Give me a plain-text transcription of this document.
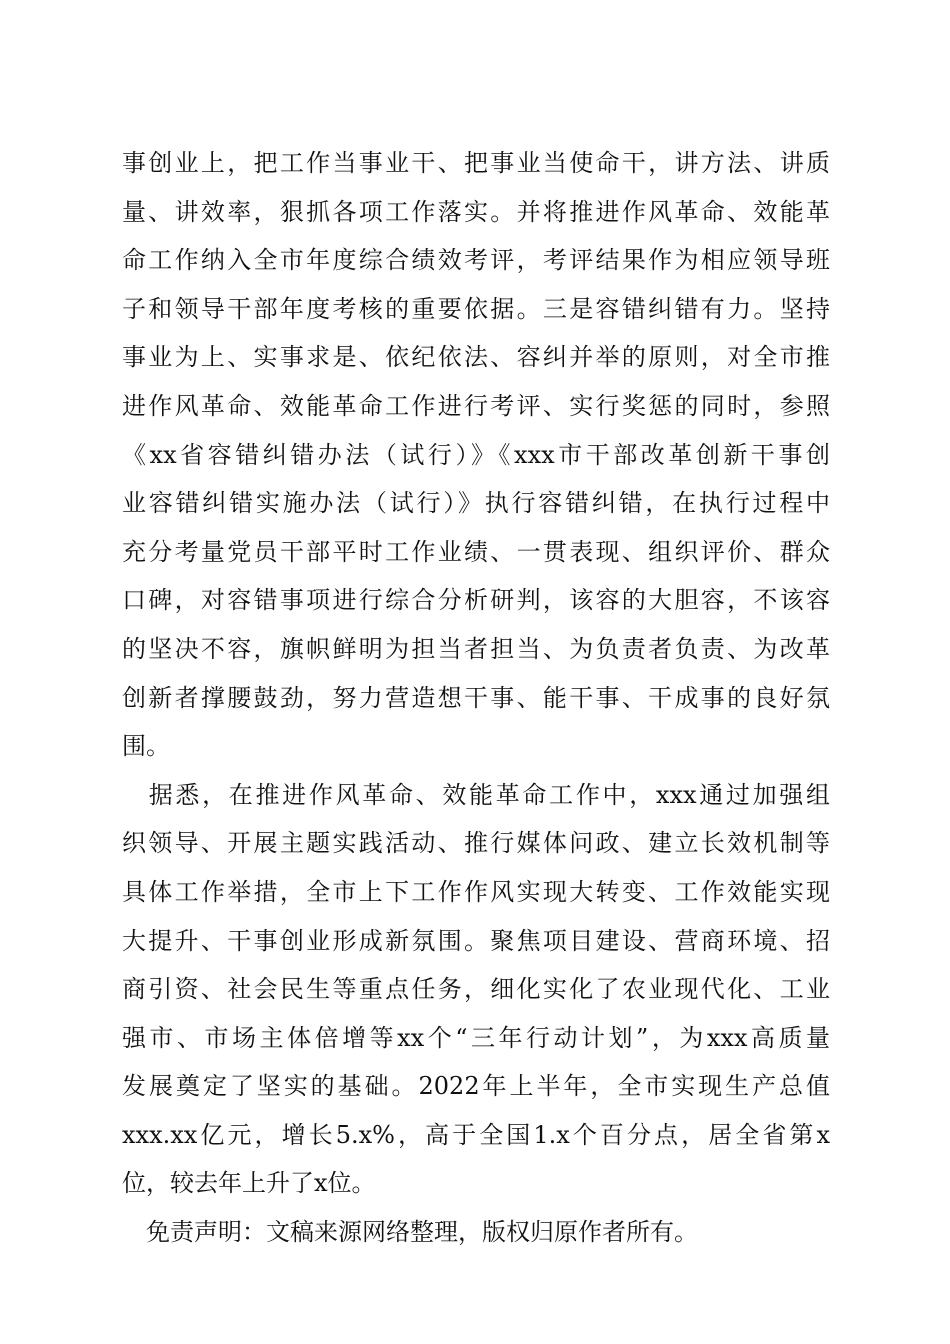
事创业上，把工作当事业干、把事业当使命干，讲方法、讲质
量、讲效率，狠抓各项工作落实。并将推进作风革命、效能革
命工作纳入全市年度综合绩效考评，考评结果作为相应领导班
子和领导干部年度考核的重要依据。三是容错纠错有力。坚持
事业为上、实事求是、依纪依法、容纠并举的原则，对全市推
进作风革命、效能革命工作进行考评、实行奖惩的同时，参照
《xx省容错纠错办法（试行）》《xxx市干部改革创新干事创
业容错纠错实施办法（试行）》执行容错纠错，在执行过程中
充分考量党员干部平时工作业绩、一贯表现、组织评价、群众
口碑，对容错事项进行综合分析研判，该容的大胆容，不该容
的坚决不容，旗帜鲜明为担当者担当、为负责者负责、为改革
创新者撑腰鼓劲，努力营造想干事、能干事、干成事的良好氛
围。
　据悉，在推进作风革命、效能革命工作中，xxx通过加强组
织领导、开展主题实践活动、推行媒体问政、建立长效机制等
具体工作举措，全市上下工作作风实现大转变、工作效能实现
大提升、干事创业形成新氛围。聚焦项目建设、营商环境、招
商引资、社会民生等重点任务，细化实化了农业现代化、工业
强市、市场主体倍增等xx个“三年行动计划”，为xxx高质量
发展奠定了坚实的基础。2022年上半年，全市实现生产总值
xxx.xx亿元，增长5.x%，高于全国1.x个百分点，居全省第x
位，较去年上升了x位。
　免责声明：文稿来源网络整理，版权归原作者所有。
